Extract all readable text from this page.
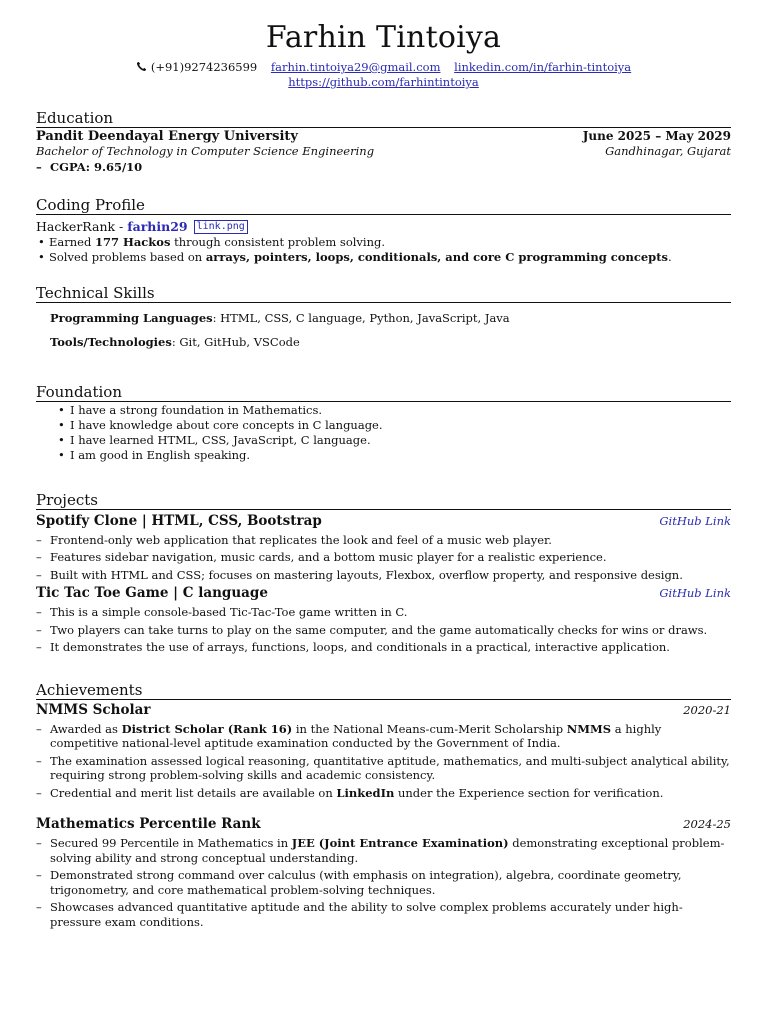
Farhin Tintoiya
(+91)9274236599 farhin.tintoiya29@gmail.com linkedin.com/in/farhin-tintoiya https://github.com/farhintintoiya
Education
Pandit Deendayal Energy University	June 2025 – May 2029
Bachelor of Technology in Computer Science Engineering	Gandhinagar, Gujarat
– CGPA: 9.65/10
Coding Profile
HackerRank - farhin29 link.png
• Earned 177 Hackos through consistent problem solving.
• Solved problems based on arrays, pointers, loops, conditionals, and core C programming concepts.
Technical Skills
Programming Languages: HTML, CSS, C language, Python, JavaScript, Java
Tools/Technologies: Git, GitHub, VSCode
Foundation
• I have a strong foundation in Mathematics.
• I have knowledge about core concepts in C language.
• I have learned HTML, CSS, JavaScript, C language.
• I am good in English speaking.
Projects
Spotify Clone | HTML, CSS, Bootstrap	GitHub Link
– Frontend-only web application that replicates the look and feel of a music web player.
– Features sidebar navigation, music cards, and a bottom music player for a realistic experience.
– Built with HTML and CSS; focuses on mastering layouts, Flexbox, overflow property, and responsive design.
Tic Tac Toe Game | C language	GitHub Link
– This is a simple console-based Tic-Tac-Toe game written in C.
– Two players can take turns to play on the same computer, and the game automatically checks for wins or draws.
– It demonstrates the use of arrays, functions, loops, and conditionals in a practical, interactive application.
Achievements
NMMS Scholar	2020-21
– Awarded as District Scholar (Rank 16) in the National Means-cum-Merit Scholarship NMMS a highly competitive national-level aptitude examination conducted by the Government of India.
– The examination assessed logical reasoning, quantitative aptitude, mathematics, and multi-subject analytical ability, requiring strong problem-solving skills and academic consistency.
– Credential and merit list details are available on LinkedIn under the Experience section for verification.
Mathematics Percentile Rank	2024-25
– Secured 99 Percentile in Mathematics in JEE (Joint Entrance Examination) demonstrating exceptional problem-solving ability and strong conceptual understanding.
– Demonstrated strong command over calculus (with emphasis on integration), algebra, coordinate geometry, trigonometry, and core mathematical problem-solving techniques.
– Showcases advanced quantitative aptitude and the ability to solve complex problems accurately under high-pressure exam conditions.
